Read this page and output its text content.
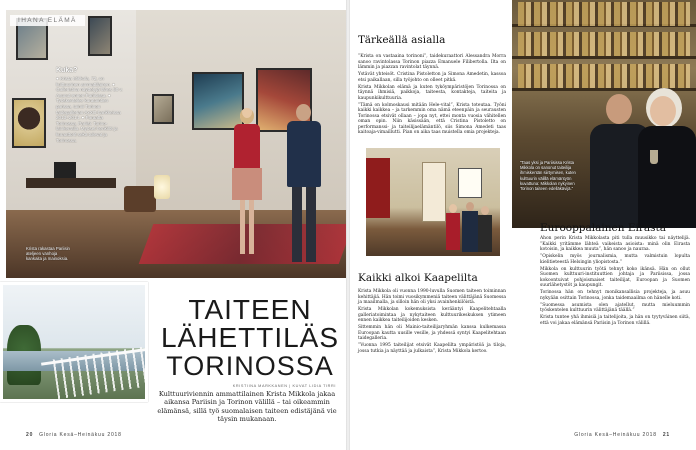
IHANA ELÄMÄ
Kuka?
● Krista Mikkola, 72, on kulttuurinen ammattilainen. ● Galleristina näyttelyjä lähes 50 v. Asunut ennen Pariisissa. ● Työskentelee kuratointien parissa, toimii Torinon taidegallerian AxXO-hankkeissa 2013–2014. ● Paraatta Torinossa, Pariisi: Torino-lainkerralla. Myöset henkilöt ja kuraattorit sekä tulevat ja Torinossa.
Krista rakastaa Pariisin ateljeen vanhoja kankaita ja mainoksia.
TAITEEN
LÄHETTILÄS
TORINOSSA
KRISTIINA MARKKANEN | KUVAT LIDIA TIRRI
Kulttuuriviennin ammattilainen Krista Mikkola jakaa aikansa Pariisin ja Torinon välillä – tai oikeammin elämänsä, sillä työ suomalaisen taiteen edistäjänä vie täysin mukanaan.
20 Gloria Kesä–Heinäkuu 2018
Tärkeällä asialla

”Krista on vastaaina torinoni”, taidekuraattori Alessandra Morra sanoo ravintolassa Torinon piazza Emanuele Filibertolla. Ilta on lämmin ja piazzan ravintolat täynnä.

Ystävät yhteisöt. Cristina Pistoletton ja Simona Amedetin, kassoa etsi paikallaan, silla työjohto on olleet pitkä.

Krista Mikkolan elämä ja kuten tyköympäristöjen Torinossa on täynnä ihmisiä, paikkoja, taiteesta, kontakteja, taiteita ja kaupunkikulttuuria.

”Tämä on kolmoskausi mitään Hele-vital”, Krista toteutaa. Työni kaikki kaikkea – ja tarkemmin oma nämä eteenpäin ja seurausten Torinossa etsivät ollaan – jopa nyt, ettei monta vuosia vähitellen oman opin. Niin käsissään, että Cristina Pistoletto on performanssi- ja taiteilijaelämäntilö, siis Simona Amedeti taas kaitoaja-vimaillutti. Pian on aika taas muistella omia projekteja.

”Taas yksi ja Pariisissa Krista Mikkola on sanonut taiteilija ihmiskentän siirtymisen, kuten kulttuurin välillä elämäntyön kuvattuna: Mikkolan nykyinen Torinon taiteen edelläkävijä.”
Kaikki alkoi Kaapelilta

Krista Mikkola oli vuonna 1990-luvulla Suomen taiteen toiminnan kehittäjiä. Hän toimi vuosikymmeniä taiteen välittäjänä Suomessa ja maailmalla, ja silloin hän oli yksi avainhenkilöistä.

Krista Mikkolan kokemuksista kerääntyi Kaapelitehtaalla galleriatoimintaa ja nykytaiteen kulttuurikeskuksen ytimeen ennen kaikkea taiteilijoiden kesken.

Sittemmin hän oli Mainio-taiteilijaryhmän kanssa kulkemassa Euroopan kautta uusille vesille, ja yhdessä syntyi Kaapelitehtaan taidegalleria.

”Vuonna 1995 taiteilijat etsivät Kaapelilta ympäristöä ja tiloja, jossa tutkia ja näyttää ja julkaista”, Krista Mikkola kertoo.

Eurooppalainen Eirasta

Ahon perin Krista Mikkolasta piti tulla muusikko tai näyttelijä. ”Kaikki yritämme lähteä vaikeista asioista: minä olin Eirasta kotoisin, ja kaikkea muuta”, hän sanoo ja nauraa.

”Opiskelin myös journalismia, mutta valmistuin lopulta kielitieteestä Helsingin yliopistosta.”

Mikkola on kulttuurin työtä tehnyt koko ikänsä. Hän on ollut Suomen kulttuuri-instituuttien johtaja ja Pariisissa, jossa kokoontuivat pohjoismaiset taiteilijat, Euroopan ja Suomen suurlähetystöt ja kaupungit.

Torinossa hän on tehnyt monikansallisia projekteja, ja asuu nykyään osittain Torinossa, jonka taidemaailma on hänelle koti.

”Suomessa asumista olen ajatellut, mutta mieluummin työskentelen kulttuurin välittäjänä täällä.”

Krista tuntee yhä ihmisiä ja taitelijoita, ja hän on tyytyväinen siitä, että voi jakaa elämänsä Pariisin ja Torinon välillä.

Gloria Kesä–Heinäkuu 2018 21
